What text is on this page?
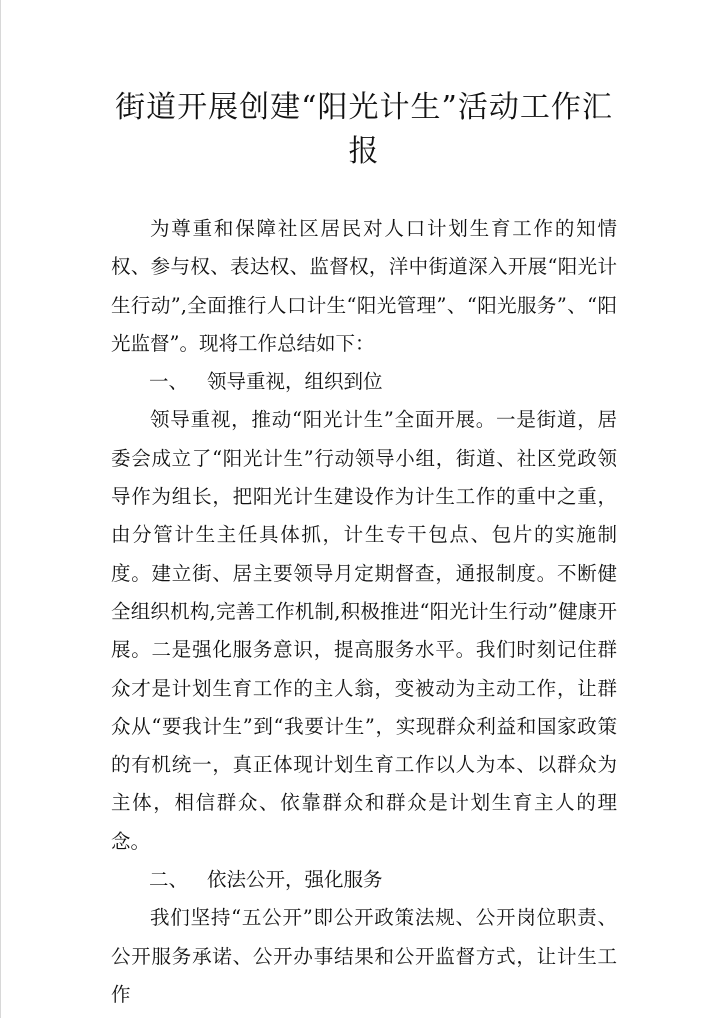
街道开展创建“阳光计生”活动工作汇报

为尊重和保障社区居民对人口计划生育工作的知情权、参与权、表达权、监督权，洋中街道深入开展“阳光计生行动”,全面推行人口计生“阳光管理”、“阳光服务”、“阳光监督”。现将工作总结如下：

一、 领导重视，组织到位

领导重视，推动“阳光计生”全面开展。一是街道，居委会成立了“阳光计生”行动领导小组，街道、社区党政领导作为组长，把阳光计生建设作为计生工作的重中之重，由分管计生主任具体抓，计生专干包点、包片的实施制度。建立街、居主要领导月定期督查，通报制度。不断健全组织机构,完善工作机制,积极推进“阳光计生行动”健康开展。二是强化服务意识，提高服务水平。我们时刻记住群众才是计划生育工作的主人翁，变被动为主动工作，让群众从“要我计生”到“我要计生”，实现群众利益和国家政策的有机统一，真正体现计划生育工作以人为本、以群众为主体，相信群众、依靠群众和群众是计划生育主人的理念。

二、 依法公开，强化服务

我们坚持“五公开”即公开政策法规、公开岗位职责、公开服务承诺、公开办事结果和公开监督方式，让计生工作
